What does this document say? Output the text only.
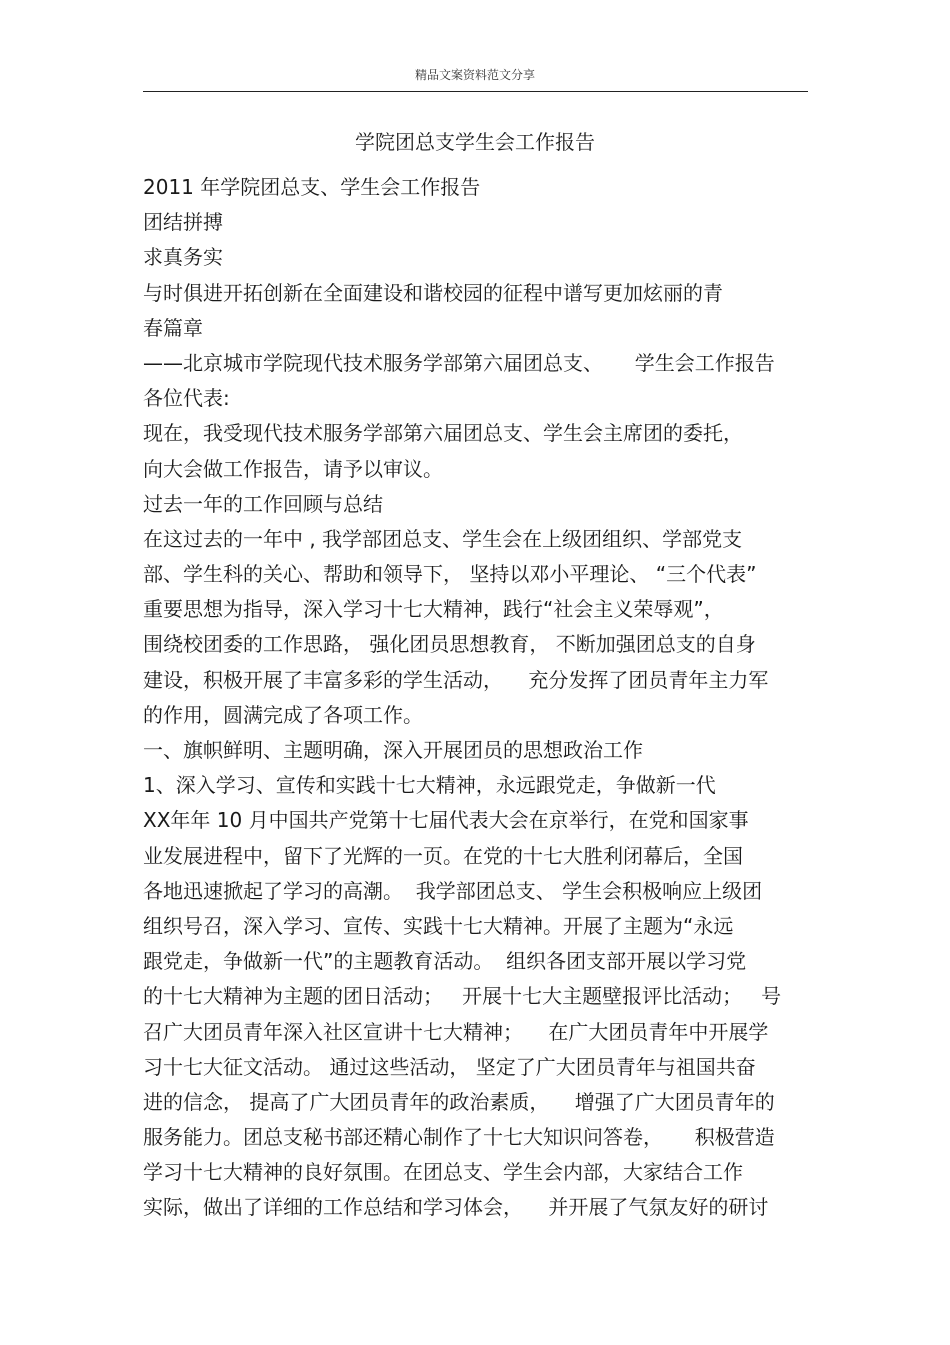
精品文案资料范文分享
学院团总支学生会工作报告
2011 年学院团总支、学生会工作报告
团结拼搏
求真务实
与时俱进开拓创新在全面建设和谐校园的征程中谱写更加炫丽的青
春篇章
——北京城市学院现代技术服务学部第六届团总支、     学生会工作报告
各位代表:
现在，我受现代技术服务学部第六届团总支、学生会主席团的委托，
向大会做工作报告，请予以审议。
过去一年的工作回顾与总结
在这过去的一年中 , 我学部团总支、学生会在上级团组织、学部党支
部、学生科的关心、帮助和领导下， 坚持以邓小平理论、 “三个代表”
重要思想为指导，深入学习十七大精神，践行“社会主义荣辱观”，
围绕校团委的工作思路， 强化团员思想教育， 不断加强团总支的自身
建设，积极开展了丰富多彩的学生活动，    充分发挥了团员青年主力军
的作用，圆满完成了各项工作。
一、旗帜鲜明、主题明确，深入开展团员的思想政治工作
1、深入学习、宣传和实践十七大精神，永远跟党走，争做新一代
XX年年 10 月中国共产党第十七届代表大会在京举行，在党和国家事
业发展进程中，留下了光辉的一页。在党的十七大胜利闭幕后，全国
各地迅速掀起了学习的高潮。  我学部团总支、 学生会积极响应上级团
组织号召，深入学习、宣传、实践十七大精神。开展了主题为“永远
跟党走，争做新一代”的主题教育活动。  组织各团支部开展以学习党
的十七大精神为主题的团日活动；   开展十七大主题壁报评比活动；   号
召广大团员青年深入社区宣讲十七大精神；    在广大团员青年中开展学
习十七大征文活动。 通过这些活动， 坚定了广大团员青年与祖国共奋
进的信念， 提高了广大团员青年的政治素质，    增强了广大团员青年的
服务能力。团总支秘书部还精心制作了十七大知识问答卷，     积极营造
学习十七大精神的良好氛围。在团总支、学生会内部，大家结合工作
实际，做出了详细的工作总结和学习体会，    并开展了气氛友好的研讨
